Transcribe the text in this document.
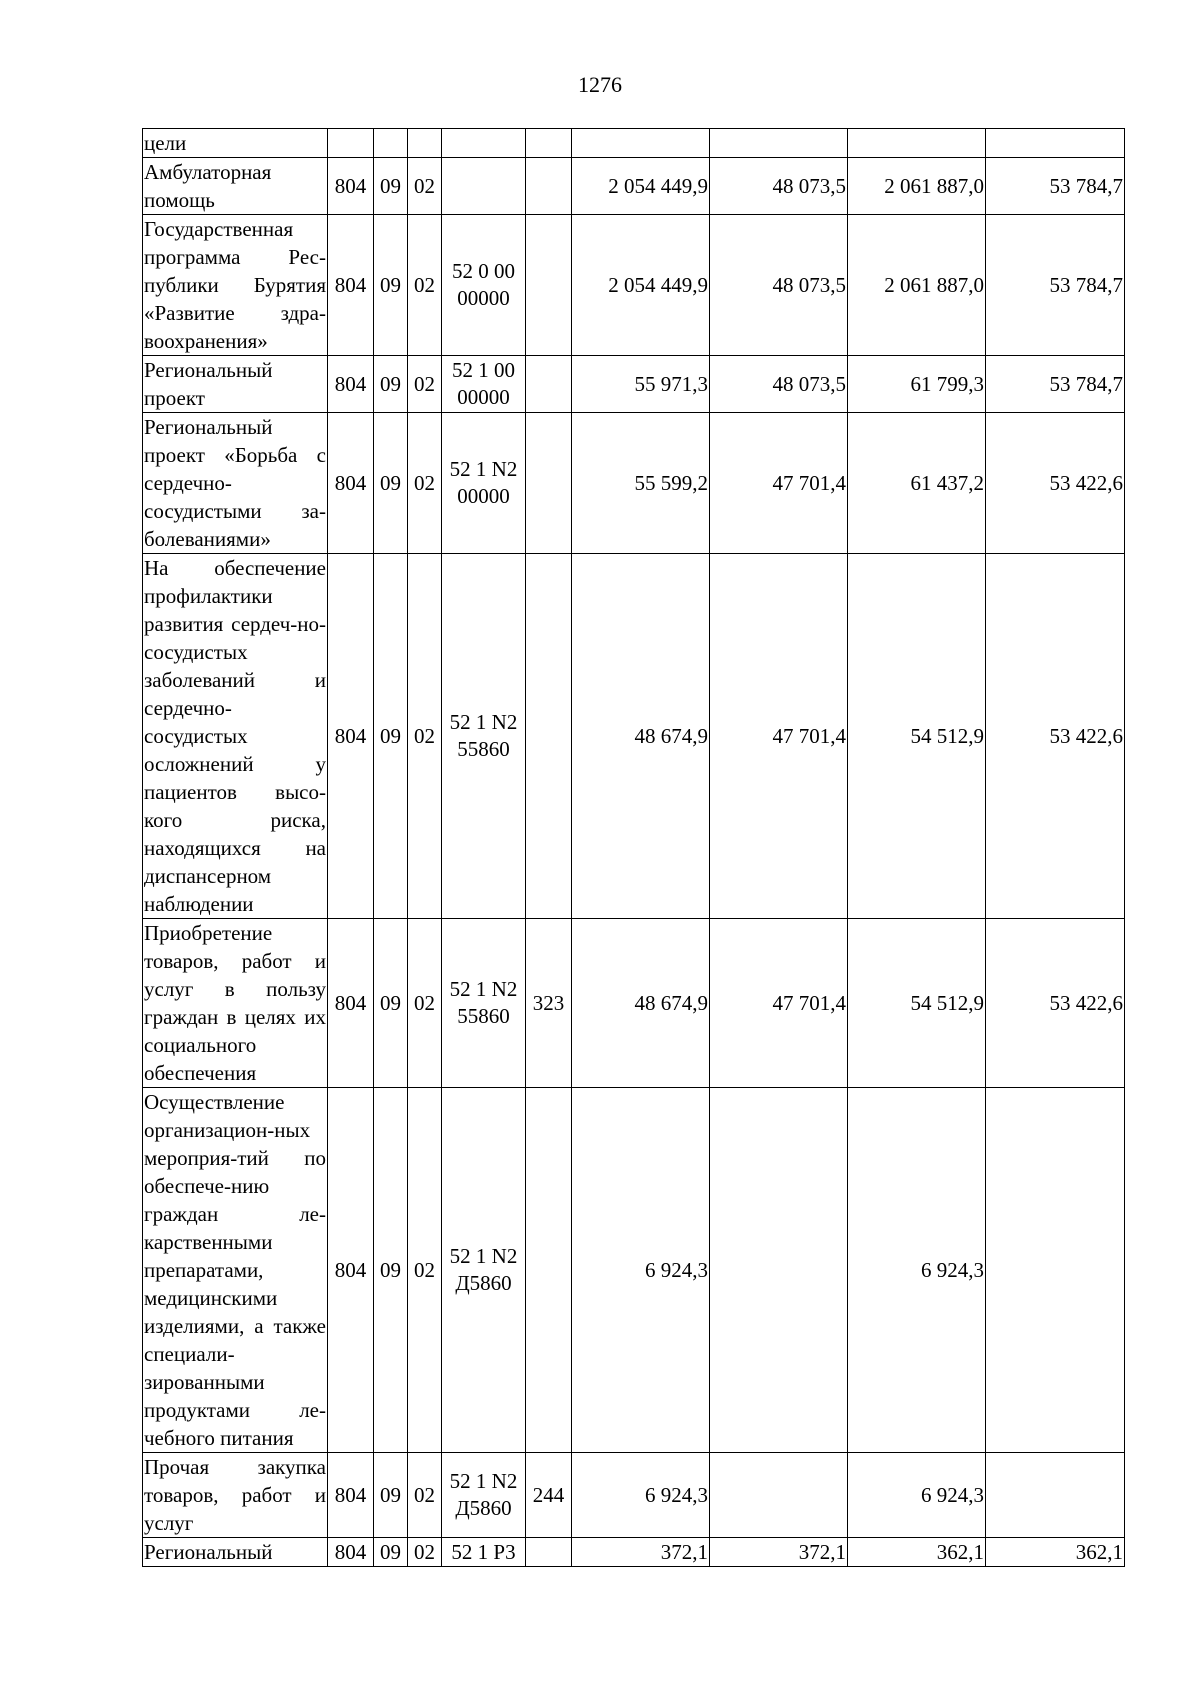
1276
цели									
Амбулаторная помощь	804	09	02			2 054 449,9	48 073,5	2 061 887,0	53 784,7
Государственная программа Рес-публики Бурятия «Развитие здра-воохранения»	804	09	02	52 0 00 00000		2 054 449,9	48 073,5	2 061 887,0	53 784,7
Региональный проект	804	09	02	52 1 00 00000		55 971,3	48 073,5	61 799,3	53 784,7
Региональный проект «Борьба с сердечно-сосудистыми за-болеваниями»	804	09	02	52 1 N2 00000		55 599,2	47 701,4	61 437,2	53 422,6
На обеспечение профилактики развития сердеч-но-сосудистых заболеваний и сердечно-сосудистых осложнений у пациентов высо-кого риска, находящихся на диспансерном наблюдении	804	09	02	52 1 N2 55860		48 674,9	47 701,4	54 512,9	53 422,6
Приобретение товаров, работ и услуг в пользу граждан в целях их социального обеспечения	804	09	02	52 1 N2 55860	323	48 674,9	47 701,4	54 512,9	53 422,6
Осуществление организацион-ных мероприя-тий по обеспече-нию граждан ле-карственными препаратами, медицинскими изделиями, а также специали-зированными продуктами ле-чебного питания	804	09	02	52 1 N2 Д5860		6 924,3		6 924,3	
Прочая закупка товаров, работ и услуг	804	09	02	52 1 N2 Д5860	244	6 924,3		6 924,3	
Региональный	804	09	02	52 1 P3		372,1	372,1	362,1	362,1
